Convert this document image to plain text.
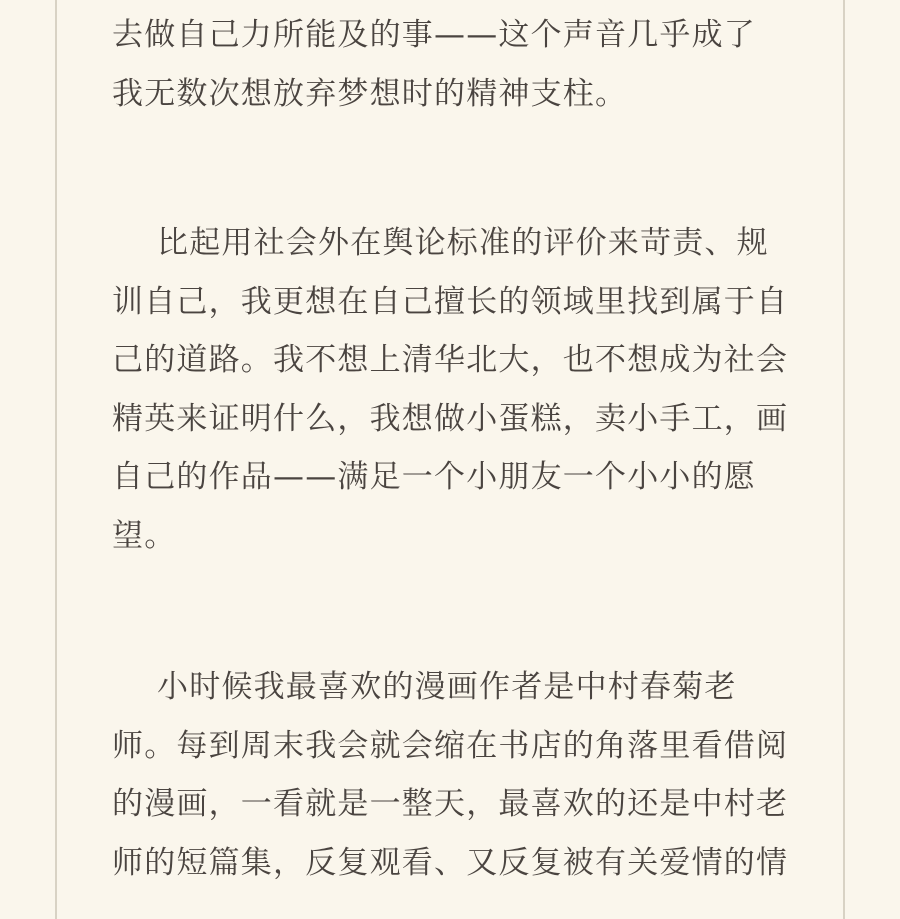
去做自己力所能及的事——这个声音几乎成了
我无数次想放弃梦想时的精神支柱。
比起用社会外在舆论标准的评价来苛责、规
训自己，我更想在自己擅长的领域里找到属于自
己的道路。我不想上清华北大，也不想成为社会
精英来证明什么，我想做小蛋糕，卖小手工，画
自己的作品——满足一个小朋友一个小小的愿
望。
小时候我最喜欢的漫画作者是中村春菊老
师。每到周末我会就会缩在书店的角落里看借阅
的漫画，一看就是一整天，最喜欢的还是中村老
师的短篇集，反复观看、又反复被有关爱情的情
